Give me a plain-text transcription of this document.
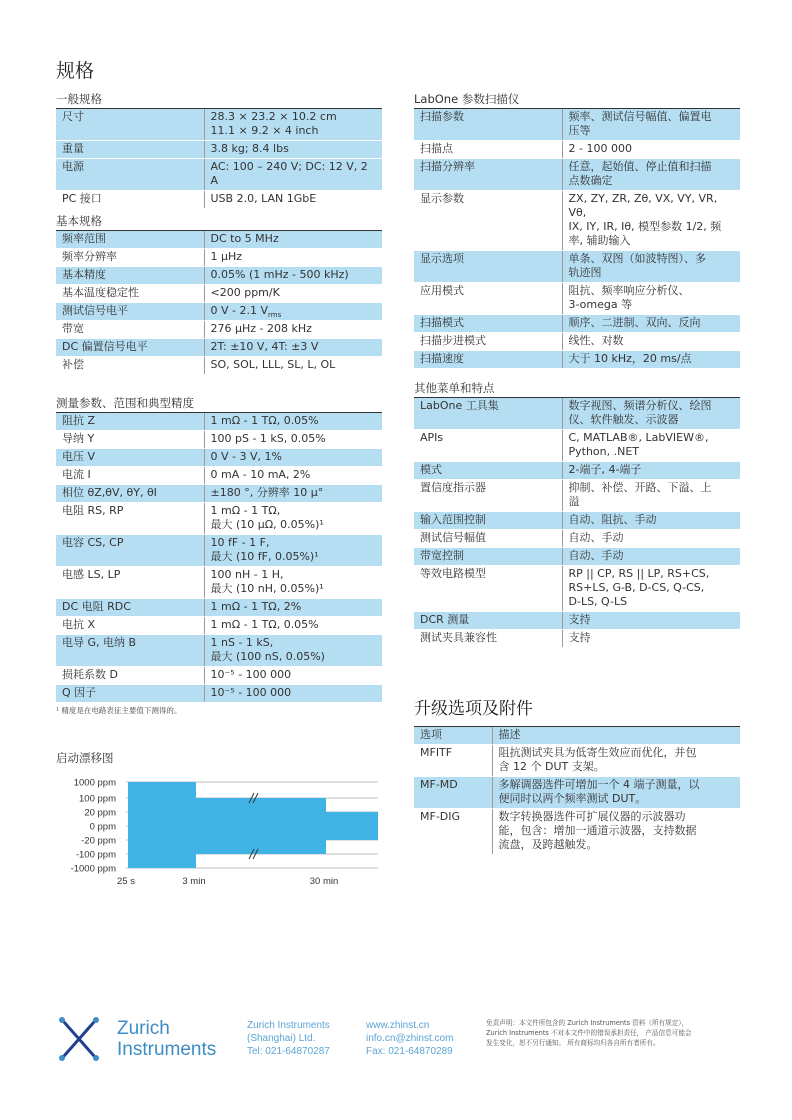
规格
一般规格
尺寸	28.3 × 23.2 × 10.2 cm
11.1 × 9.2 × 4 inch

重量	3.8 kg; 8.4 lbs

电源	AC: 100 – 240 V; DC: 12 V, 2 A

PC 接口	USB 2.0, LAN 1GbE
基本规格
频率范围	DC to 5 MHz

频率分辨率	1 μHz

基本精度	0.05% (1 mHz - 500 kHz)

基本温度稳定性	<200 ppm/K

测试信号电平	0 V - 2.1 $V_{rms}$

带宽	276 μHz - 208 kHz

DC 偏置信号电平	2T: ±10 V, 4T: ±3 V

补偿	SO, SOL, LLL, SL, L, OL
测量参数、范围和典型精度
阻抗 Z	1 mΩ - 1 TΩ, 0.05%

导纳 Y	100 pS - 1 kS, 0.05%

电压 V	0 V - 3 V, 1%

电流 I	0 mA - 10 mA, 2%

相位 θZ,θV, θY, θI	±180 °, 分辨率 10 μ°

电阻 RS, RP	1 mΩ - 1 TΩ,
最大 (10 μΩ, 0.05%)¹

电容 CS, CP	10 fF - 1 F,
最大 (10 fF, 0.05%)¹

电感 LS, LP	100 nH - 1 H,
最大 (10 nH, 0.05%)¹

DC 电阻 RDC	1 mΩ - 1 TΩ, 2%

电抗 X	1 mΩ - 1 TΩ, 0.05%

电导 G, 电纳 B	1 nS - 1 kS,
最大 (100 nS, 0.05%)

损耗系数 D	10⁻⁵ - 100 000

Q 因子	10⁻⁵ - 100 000
¹ 精度是在电路表征主要值下测得的。
LabOne 参数扫描仪
扫描参数	频率、测试信号幅值、偏置电
压等

扫描点	2 - 100 000

扫描分辨率	任意，起始值、停止值和扫描
点数确定

显示参数	ZX, ZY, ZR, Zθ, VX, VY, VR, Vθ,
IX, IY, IR, Iθ, 模型参数 1/2, 频
率, 辅助输入

显示选项	单条、双图（如波特图）、多
轨迹图

应用模式	阻抗、频率响应分析仪、
3-omega 等

扫描模式	顺序、二进制、双向、反向

扫描步进模式	线性、对数

扫描速度	大于 10 kHz，20 ms/点
其他菜单和特点
LabOne 工具集	数字视图、频谱分析仪、绘图
仪、软件触发、示波器

APIs	C, MATLAB®, LabVIEW®,
Python, .NET

模式	2-端子, 4-端子

置信度指示器	抑制、补偿、开路、下溢、上
溢

输入范围控制	自动、阻抗、手动

测试信号幅值	自动、手动

带宽控制	自动、手动

等效电路模型	RP || CP, RS || LP, RS+CS,
RS+LS, G-B, D-CS, Q-CS,
D-LS, Q-LS

DCR 测量	支持

测试夹具兼容性	支持
升级选项及附件
选项	描述
MFITF	阻抗测试夹具为低寄生效应而优化，并包
含 12 个 DUT 支架。

MF-MD	多解调器选件可增加一个 4 端子测量，以
便同时以两个频率测试 DUT。

MF-DIG	数字转换器选件可扩展仪器的示波器功
能，包含：增加一通道示波器，支持数据
流盘，及跨越触发。
启动漂移图
1000 ppm
100 ppm
20 ppm
0 ppm
-20 ppm
-100 ppm
-1000 ppm
25 s	3 min	30 min
Zurich
Instruments
Zurich Instruments
(Shanghai) Ltd.
Tel: 021-64870287
www.zhinst.cn
info.cn@zhinst.com
Fax: 021-64870289
免责声明：本文件所包含的 Zurich Instruments 资料（所有规定）， Zurich Instruments 不对本文件中的错误承担责任， 产品信息可能会发生变化，恕不另行通知。 所有商标均归各自所有者所有。
